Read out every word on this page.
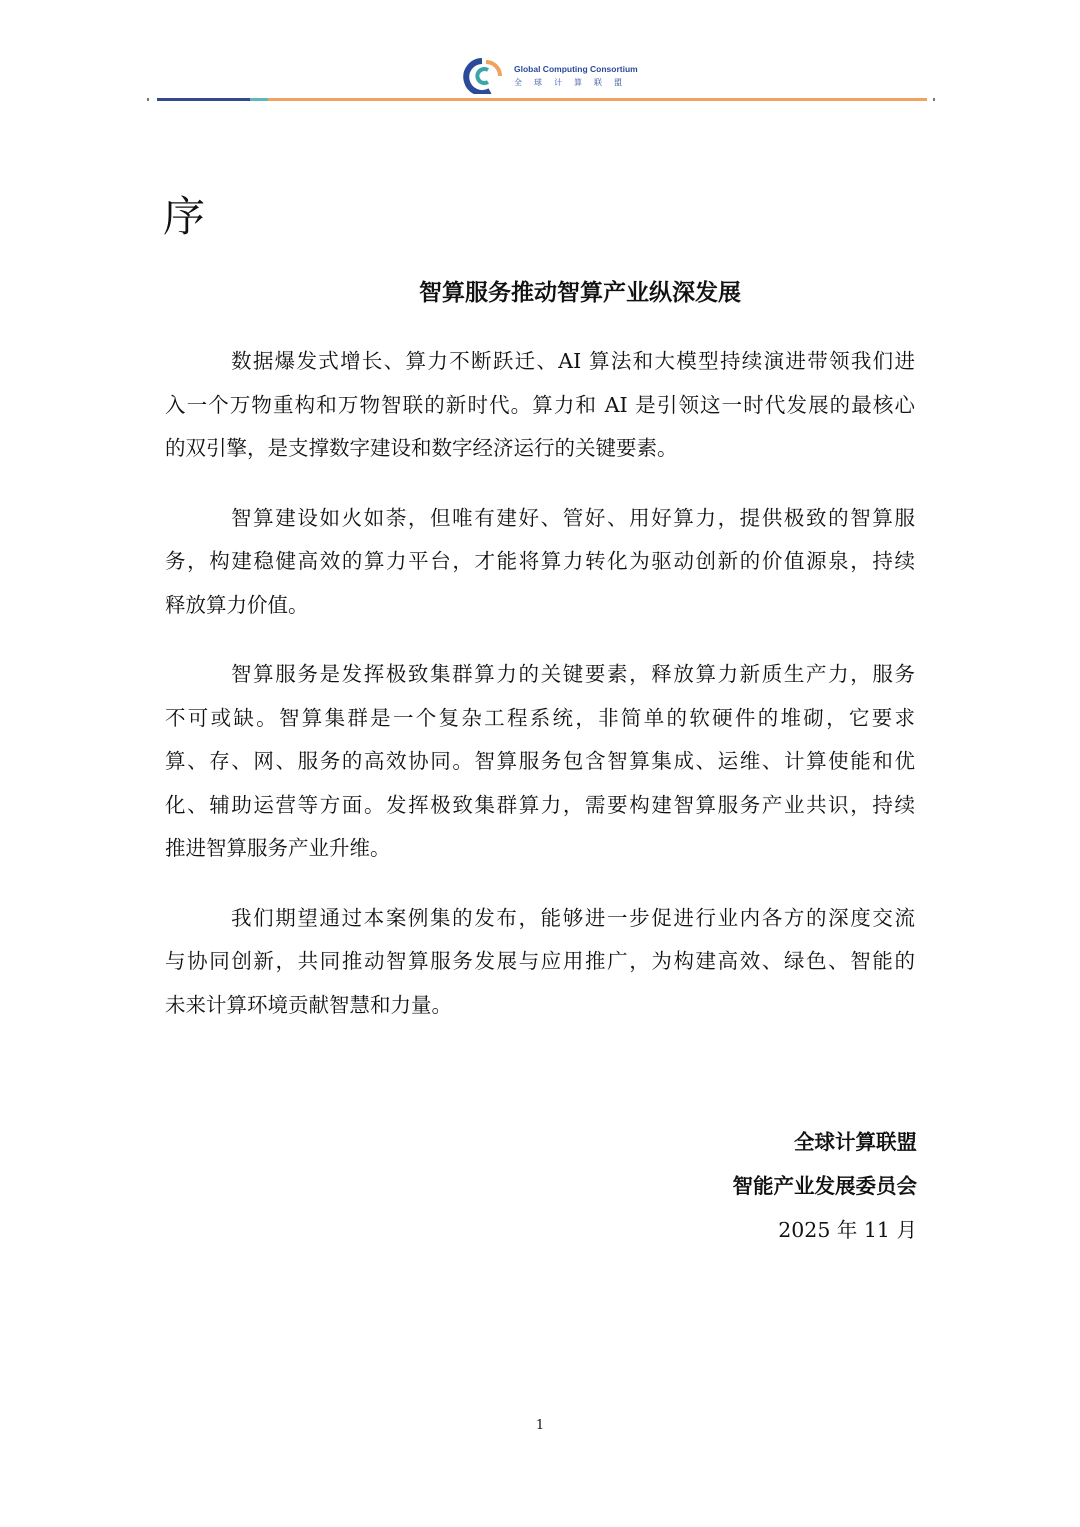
Global Computing Consortium
全球计算联盟
序
智算服务推动智算产业纵深发展
数据爆发式增长、算力不断跃迁、AI 算法和大模型持续演进带领我们进
入一个万物重构和万物智联的新时代。算力和 AI 是引领这一时代发展的最核心
的双引擎，是支撑数字建设和数字经济运行的关键要素。
智算建设如火如荼，但唯有建好、管好、用好算力，提供极致的智算服
务，构建稳健高效的算力平台，才能将算力转化为驱动创新的价值源泉，持续
释放算力价值。
智算服务是发挥极致集群算力的关键要素，释放算力新质生产力，服务
不可或缺。智算集群是一个复杂工程系统，非简单的软硬件的堆砌，它要求
算、存、网、服务的高效协同。智算服务包含智算集成、运维、计算使能和优
化、辅助运营等方面。发挥极致集群算力，需要构建智算服务产业共识，持续
推进智算服务产业升维。
我们期望通过本案例集的发布，能够进一步促进行业内各方的深度交流
与协同创新，共同推动智算服务发展与应用推广，为构建高效、绿色、智能的
未来计算环境贡献智慧和力量。
全球计算联盟
智能产业发展委员会
2025 年 11 月
1
